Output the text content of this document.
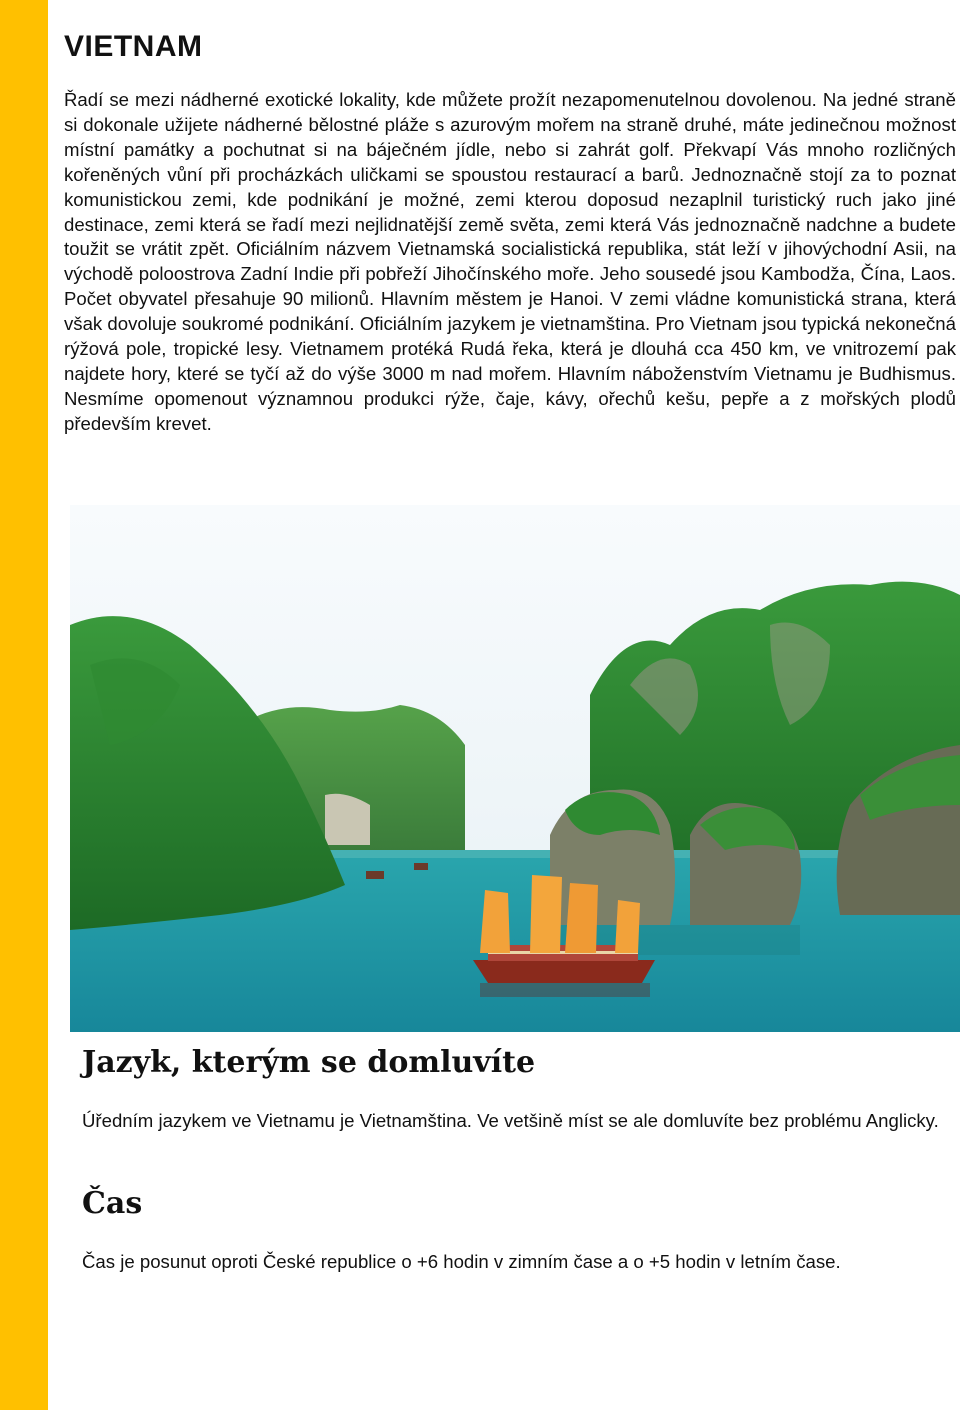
VIETNAM

Řadí se mezi nádherné exotické lokality, kde můžete prožít nezapomenutelnou dovolenou. Na jedné straně si dokonale užijete nádherné bělostné pláže s azurovým mořem na straně druhé, máte jedinečnou možnost místní památky a pochutnat si na báječném jídle, nebo si zahrát golf. Překvapí Vás mnoho rozličných kořeněných vůní při procházkách uličkami se spoustou restaurací a barů. Jednoznačně stojí za to poznat komunistickou zemi, kde podnikání je možné, zemi kterou doposud nezaplnil turistický ruch jako jiné destinace, zemi která se řadí mezi nejlidnatější země světa, zemi která Vás jednoznačně nadchne a budete toužit se vrátit zpět. Oficiálním názvem Vietnamská socialistická republika, stát leží v jihovýchodní Asii, na východě poloostrova Zadní Indie při pobřeží Jihočínského moře. Jeho sousedé jsou Kambodža, Čína, Laos. Počet obyvatel přesahuje 90 milionů. Hlavním městem je Hanoi. V zemi vládne komunistická strana, která však dovoluje soukromé podnikání. Oficiálním jazykem je vietnamština. Pro Vietnam jsou typická nekonečná rýžová pole, tropické lesy. Vietnamem protéká Rudá řeka, která je dlouhá cca 450 km, ve vnitrozemí pak najdete hory, které se tyčí až do výše 3000 m nad mořem. Hlavním náboženstvím Vietnamu je Budhismus. Nesmíme opomenout významnou produkci rýže, čaje, kávy, ořechů kešu, pepře a z mořských plodů především krevet.

Jazyk, kterým se domluvíte

Úředním jazykem ve Vietnamu je Vietnamština. Ve vetšině míst se ale domluvíte bez problému Anglicky.

Čas

Čas je posunut oproti České republice o +6 hodin v zimním čase a o +5 hodin v letním čase.
